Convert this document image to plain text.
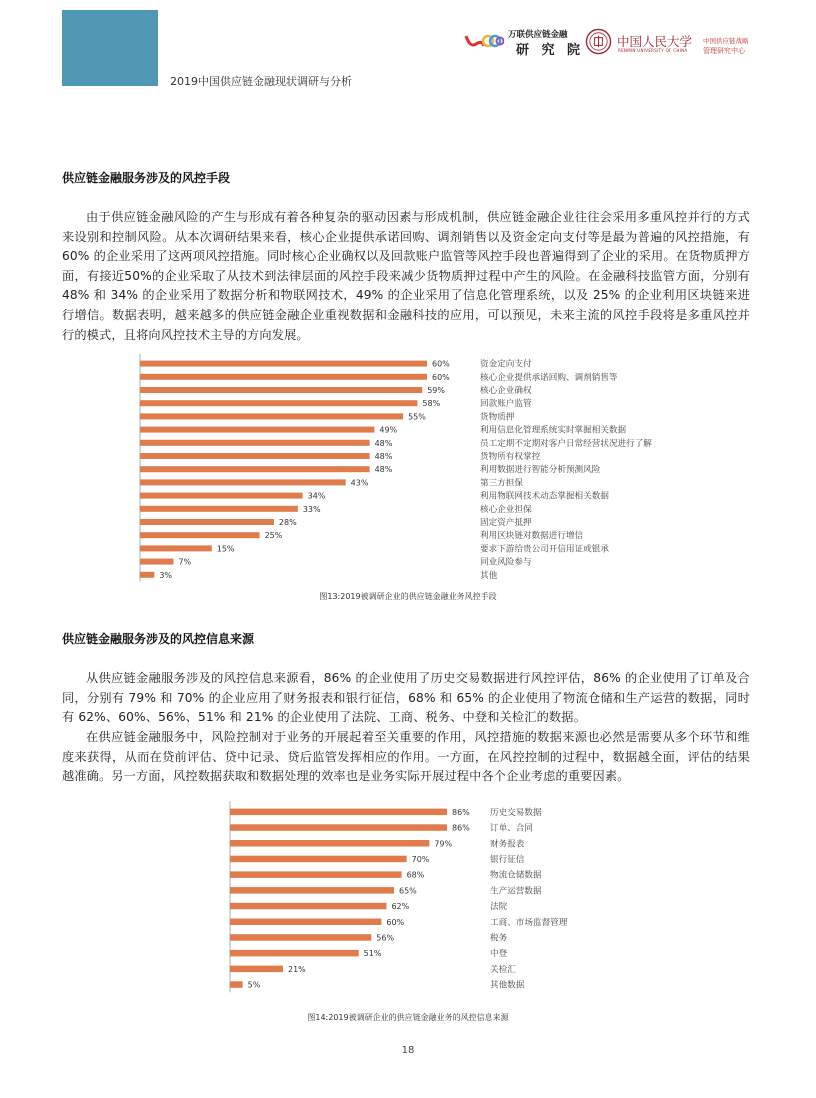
2019中国供应链金融现状调研与分析
万联供应链金融
研 究 院
中国人民大学
RENMIN UNIVERSITY OF CHINA
中国供应链战略
管理研究中心
供应链金融服务涉及的风控手段

由于供应链金融风险的产生与形成有着各种复杂的驱动因素与形成机制，供应链金融企业往往会采用多重风控并行的方式来设别和控制风险。从本次调研结果来看，核心企业提供承诺回购、调剂销售以及资金定向支付等是最为普遍的风控措施，有 60% 的企业采用了这两项风控措施。同时核心企业确权以及回款账户监管等风控手段也普遍得到了企业的采用。在货物质押方面，有接近50%的企业采取了从技术到法律层面的风控手段来减少货物质押过程中产生的风险。在金融科技监管方面，分别有 48% 和 34% 的企业采用了数据分析和物联网技术，49% 的企业采用了信息化管理系统，以及 25% 的企业利用区块链来进行增信。数据表明，越来越多的供应链金融企业重视数据和金融科技的应用，可以预见，未来主流的风控手段将是多重风控并行的模式，且将向风控技术主导的方向发展。

60%	资金定向支付
60%	核心企业提供承诺回购、调剂销售等
59%	核心企业确权
58%	回款账户监管
55%	货物质押
49%	利用信息化管理系统实时掌握相关数据
48%	员工定期不定期对客户日常经营状况进行了解
48%	货物所有权掌控
48%	利用数据进行智能分析预测风险
43%	第三方担保
34%	利用物联网技术动态掌握相关数据
33%	核心企业担保
28%	固定资产抵押
25%	利用区块链对数据进行增信
15%	要求下游给贵公司开信用证或银承
7%	同业风险参与
3%	其他
图13:2019被调研企业的供应链金融业务风控手段
供应链金融服务涉及的风控信息来源

从供应链金融服务涉及的风控信息来源看，86% 的企业使用了历史交易数据进行风控评估，86% 的企业使用了订单及合同，分别有 79% 和 70% 的企业应用了财务报表和银行征信，68% 和 65% 的企业使用了物流仓储和生产运营的数据，同时有 62%、60%、56%、51% 和 21% 的企业使用了法院、工商、税务、中登和关检汇的数据。

在供应链金融服务中，风险控制对于业务的开展起着至关重要的作用，风控措施的数据来源也必然是需要从多个环节和维度来获得，从而在贷前评估、贷中记录、贷后监管发挥相应的作用。一方面，在风控控制的过程中，数据越全面，评估的结果越准确。另一方面，风控数据获取和数据处理的效率也是业务实际开展过程中各个企业考虑的重要因素。

86% 历史交易数据
86% 订单、合同
79%	财务报表
70%	银行征信
68%	物流仓储数据
65%	生产运营数据
62%	法院
60%	工商、市场监督管理
56%	税务
51%	中登
21%	关检汇
5%	其他数据
图14:2019被调研企业的供应链金融业务的风控信息来源
18
